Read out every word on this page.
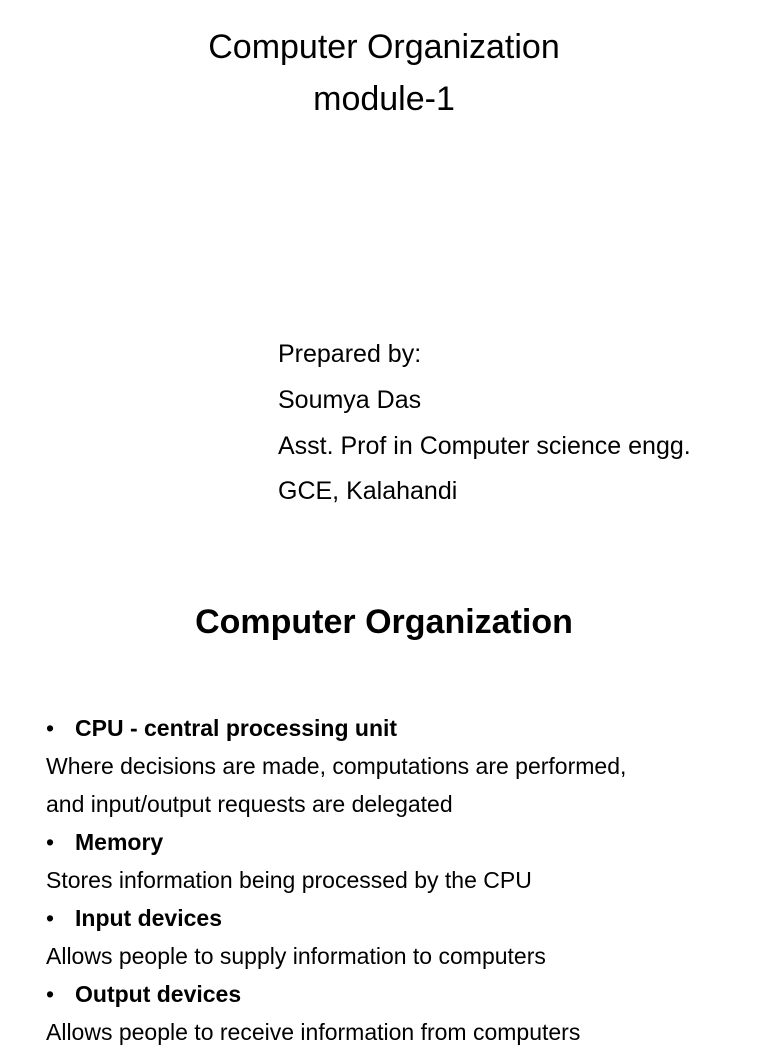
Computer Organization
module-1
Prepared by:
Soumya Das
Asst. Prof in Computer science engg.
GCE, Kalahandi
Computer Organization
• CPU - central processing unit
Where decisions are made, computations are performed,
and input/output requests are delegated
• Memory
Stores information being processed by the CPU
• Input devices
Allows people to supply information to computers
• Output devices
Allows people to receive information from computers
